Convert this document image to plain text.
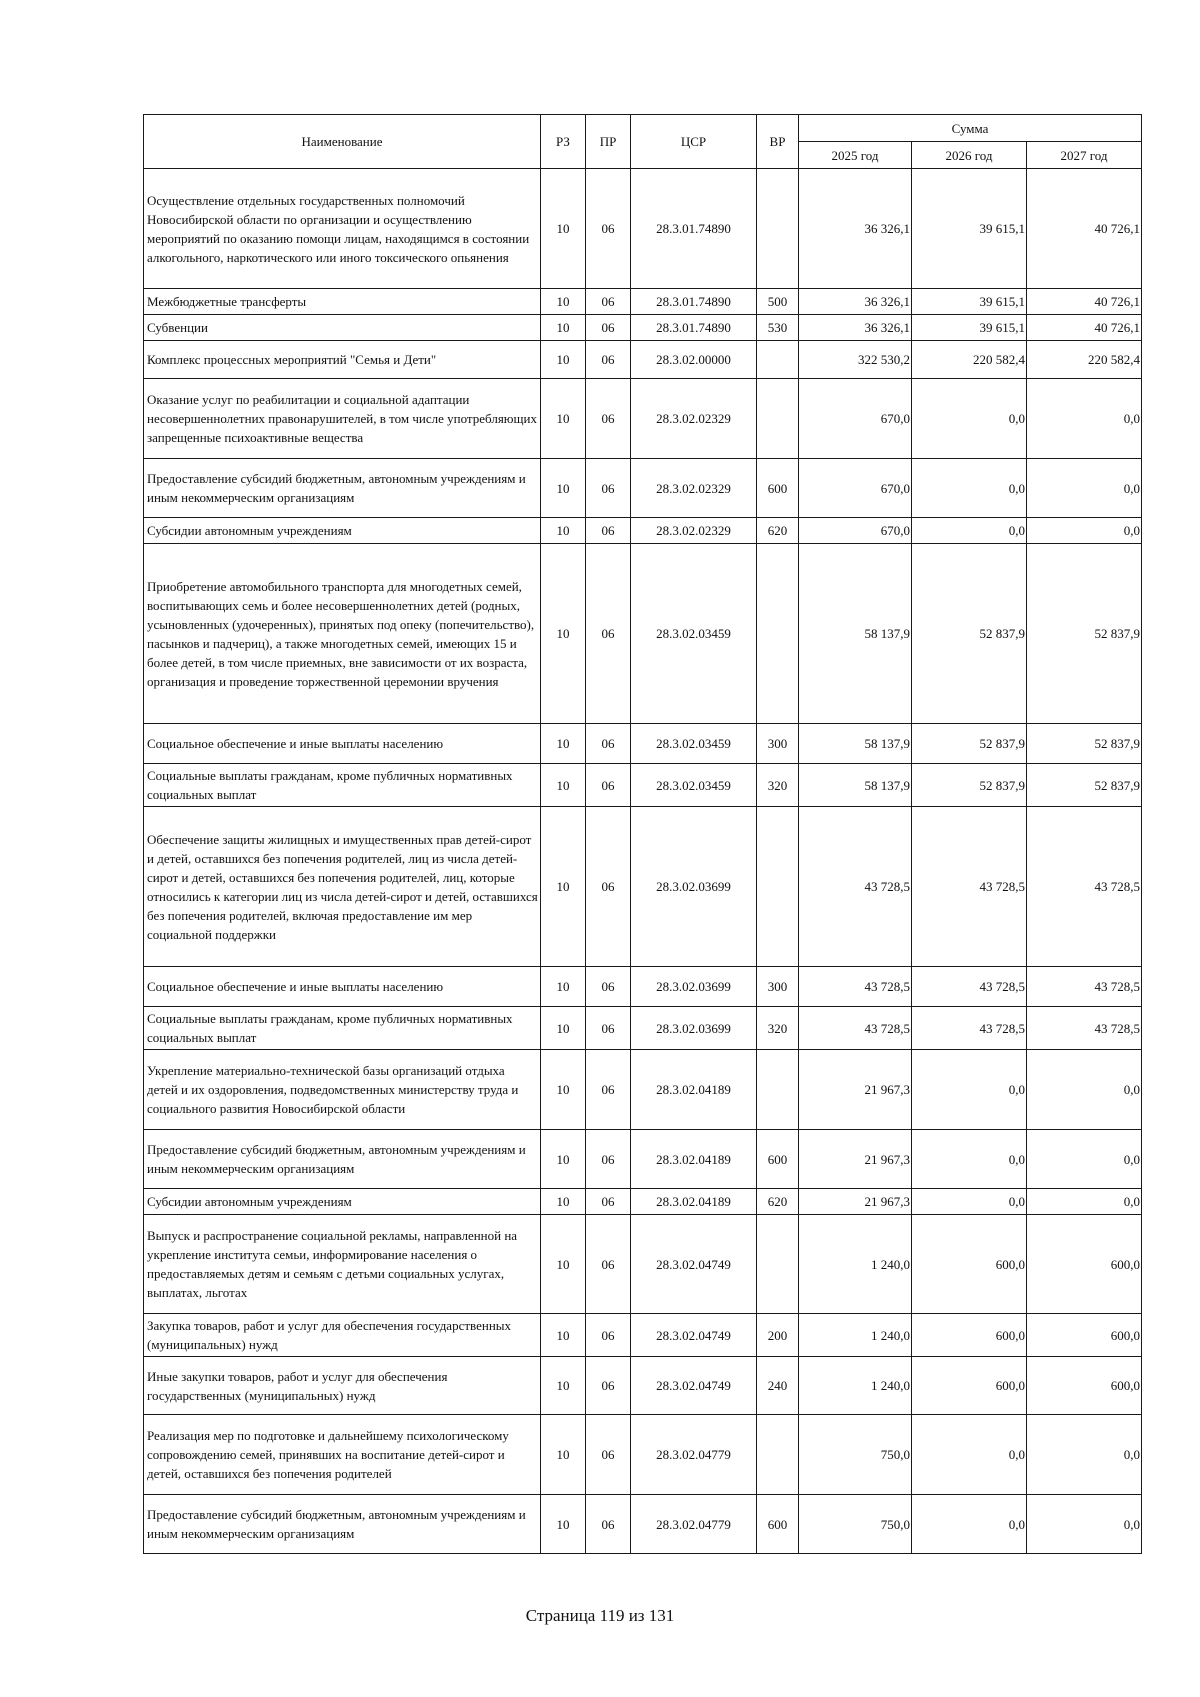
Наименование	РЗ	ПР	ЦСР	ВР	Сумма		
					2025 год	2026 год	2027 год
Осуществление отдельных государственных полномочий Новосибирской области по организации и осуществлению мероприятий по оказанию помощи лицам, находящимся в состоянии алкогольного, наркотического или иного токсического опьянения	10	06	28.3.01.74890		36 326,1	39 615,1	40 726,1
Межбюджетные трансферты	10	06	28.3.01.74890	500	36 326,1	39 615,1	40 726,1
Субвенции	10	06	28.3.01.74890	530	36 326,1	39 615,1	40 726,1
Комплекс процессных мероприятий "Семья и Дети"	10	06	28.3.02.00000		322 530,2	220 582,4	220 582,4
Оказание услуг по реабилитации и социальной адаптации несовершеннолетних правонарушителей, в том числе употребляющих запрещенные психоактивные вещества	10	06	28.3.02.02329		670,0	0,0	0,0
Предоставление субсидий бюджетным, автономным учреждениям и иным некоммерческим организациям	10	06	28.3.02.02329	600	670,0	0,0	0,0
Субсидии автономным учреждениям	10	06	28.3.02.02329	620	670,0	0,0	0,0
Приобретение автомобильного транспорта для многодетных семей, воспитывающих семь и более несовершеннолетних детей (родных, усыновленных (удочеренных), принятых под опеку (попечительство), пасынков и падчериц), а также многодетных семей, имеющих 15 и более детей, в том числе приемных, вне зависимости от их возраста, организация и проведение торжественной церемонии вручения	10	06	28.3.02.03459		58 137,9	52 837,9	52 837,9
Социальное обеспечение и иные выплаты населению	10	06	28.3.02.03459	300	58 137,9	52 837,9	52 837,9
Социальные выплаты гражданам, кроме публичных нормативных социальных выплат	10	06	28.3.02.03459	320	58 137,9	52 837,9	52 837,9
Обеспечение защиты жилищных и имущественных прав детей-сирот и детей, оставшихся без попечения родителей, лиц из числа детей-сирот и детей, оставшихся без попечения родителей, лиц, которые относились к категории лиц из числа детей-сирот и детей, оставшихся без попечения родителей, включая предоставление им мер социальной поддержки	10	06	28.3.02.03699		43 728,5	43 728,5	43 728,5
Социальное обеспечение и иные выплаты населению	10	06	28.3.02.03699	300	43 728,5	43 728,5	43 728,5
Социальные выплаты гражданам, кроме публичных нормативных социальных выплат	10	06	28.3.02.03699	320	43 728,5	43 728,5	43 728,5
Укрепление материально-технической базы организаций отдыха детей и их оздоровления, подведомственных министерству труда и социального развития Новосибирской области	10	06	28.3.02.04189		21 967,3	0,0	0,0
Предоставление субсидий бюджетным, автономным учреждениям и иным некоммерческим организациям	10	06	28.3.02.04189	600	21 967,3	0,0	0,0
Субсидии автономным учреждениям	10	06	28.3.02.04189	620	21 967,3	0,0	0,0
Выпуск и распространение социальной рекламы, направленной на укрепление института семьи, информирование населения о предоставляемых детям и семьям с детьми социальных услугах, выплатах, льготах	10	06	28.3.02.04749		1 240,0	600,0	600,0
Закупка товаров, работ и услуг для обеспечения государственных (муниципальных) нужд	10	06	28.3.02.04749	200	1 240,0	600,0	600,0
Иные закупки товаров, работ и услуг для обеспечения государственных (муниципальных) нужд	10	06	28.3.02.04749	240	1 240,0	600,0	600,0
Реализация мер по подготовке и дальнейшему психологическому сопровождению семей, принявших на воспитание детей-сирот и детей, оставшихся без попечения родителей	10	06	28.3.02.04779		750,0	0,0	0,0
Предоставление субсидий бюджетным, автономным учреждениям и иным некоммерческим организациям	10	06	28.3.02.04779	600	750,0	0,0	0,0
Страница 119 из 131
